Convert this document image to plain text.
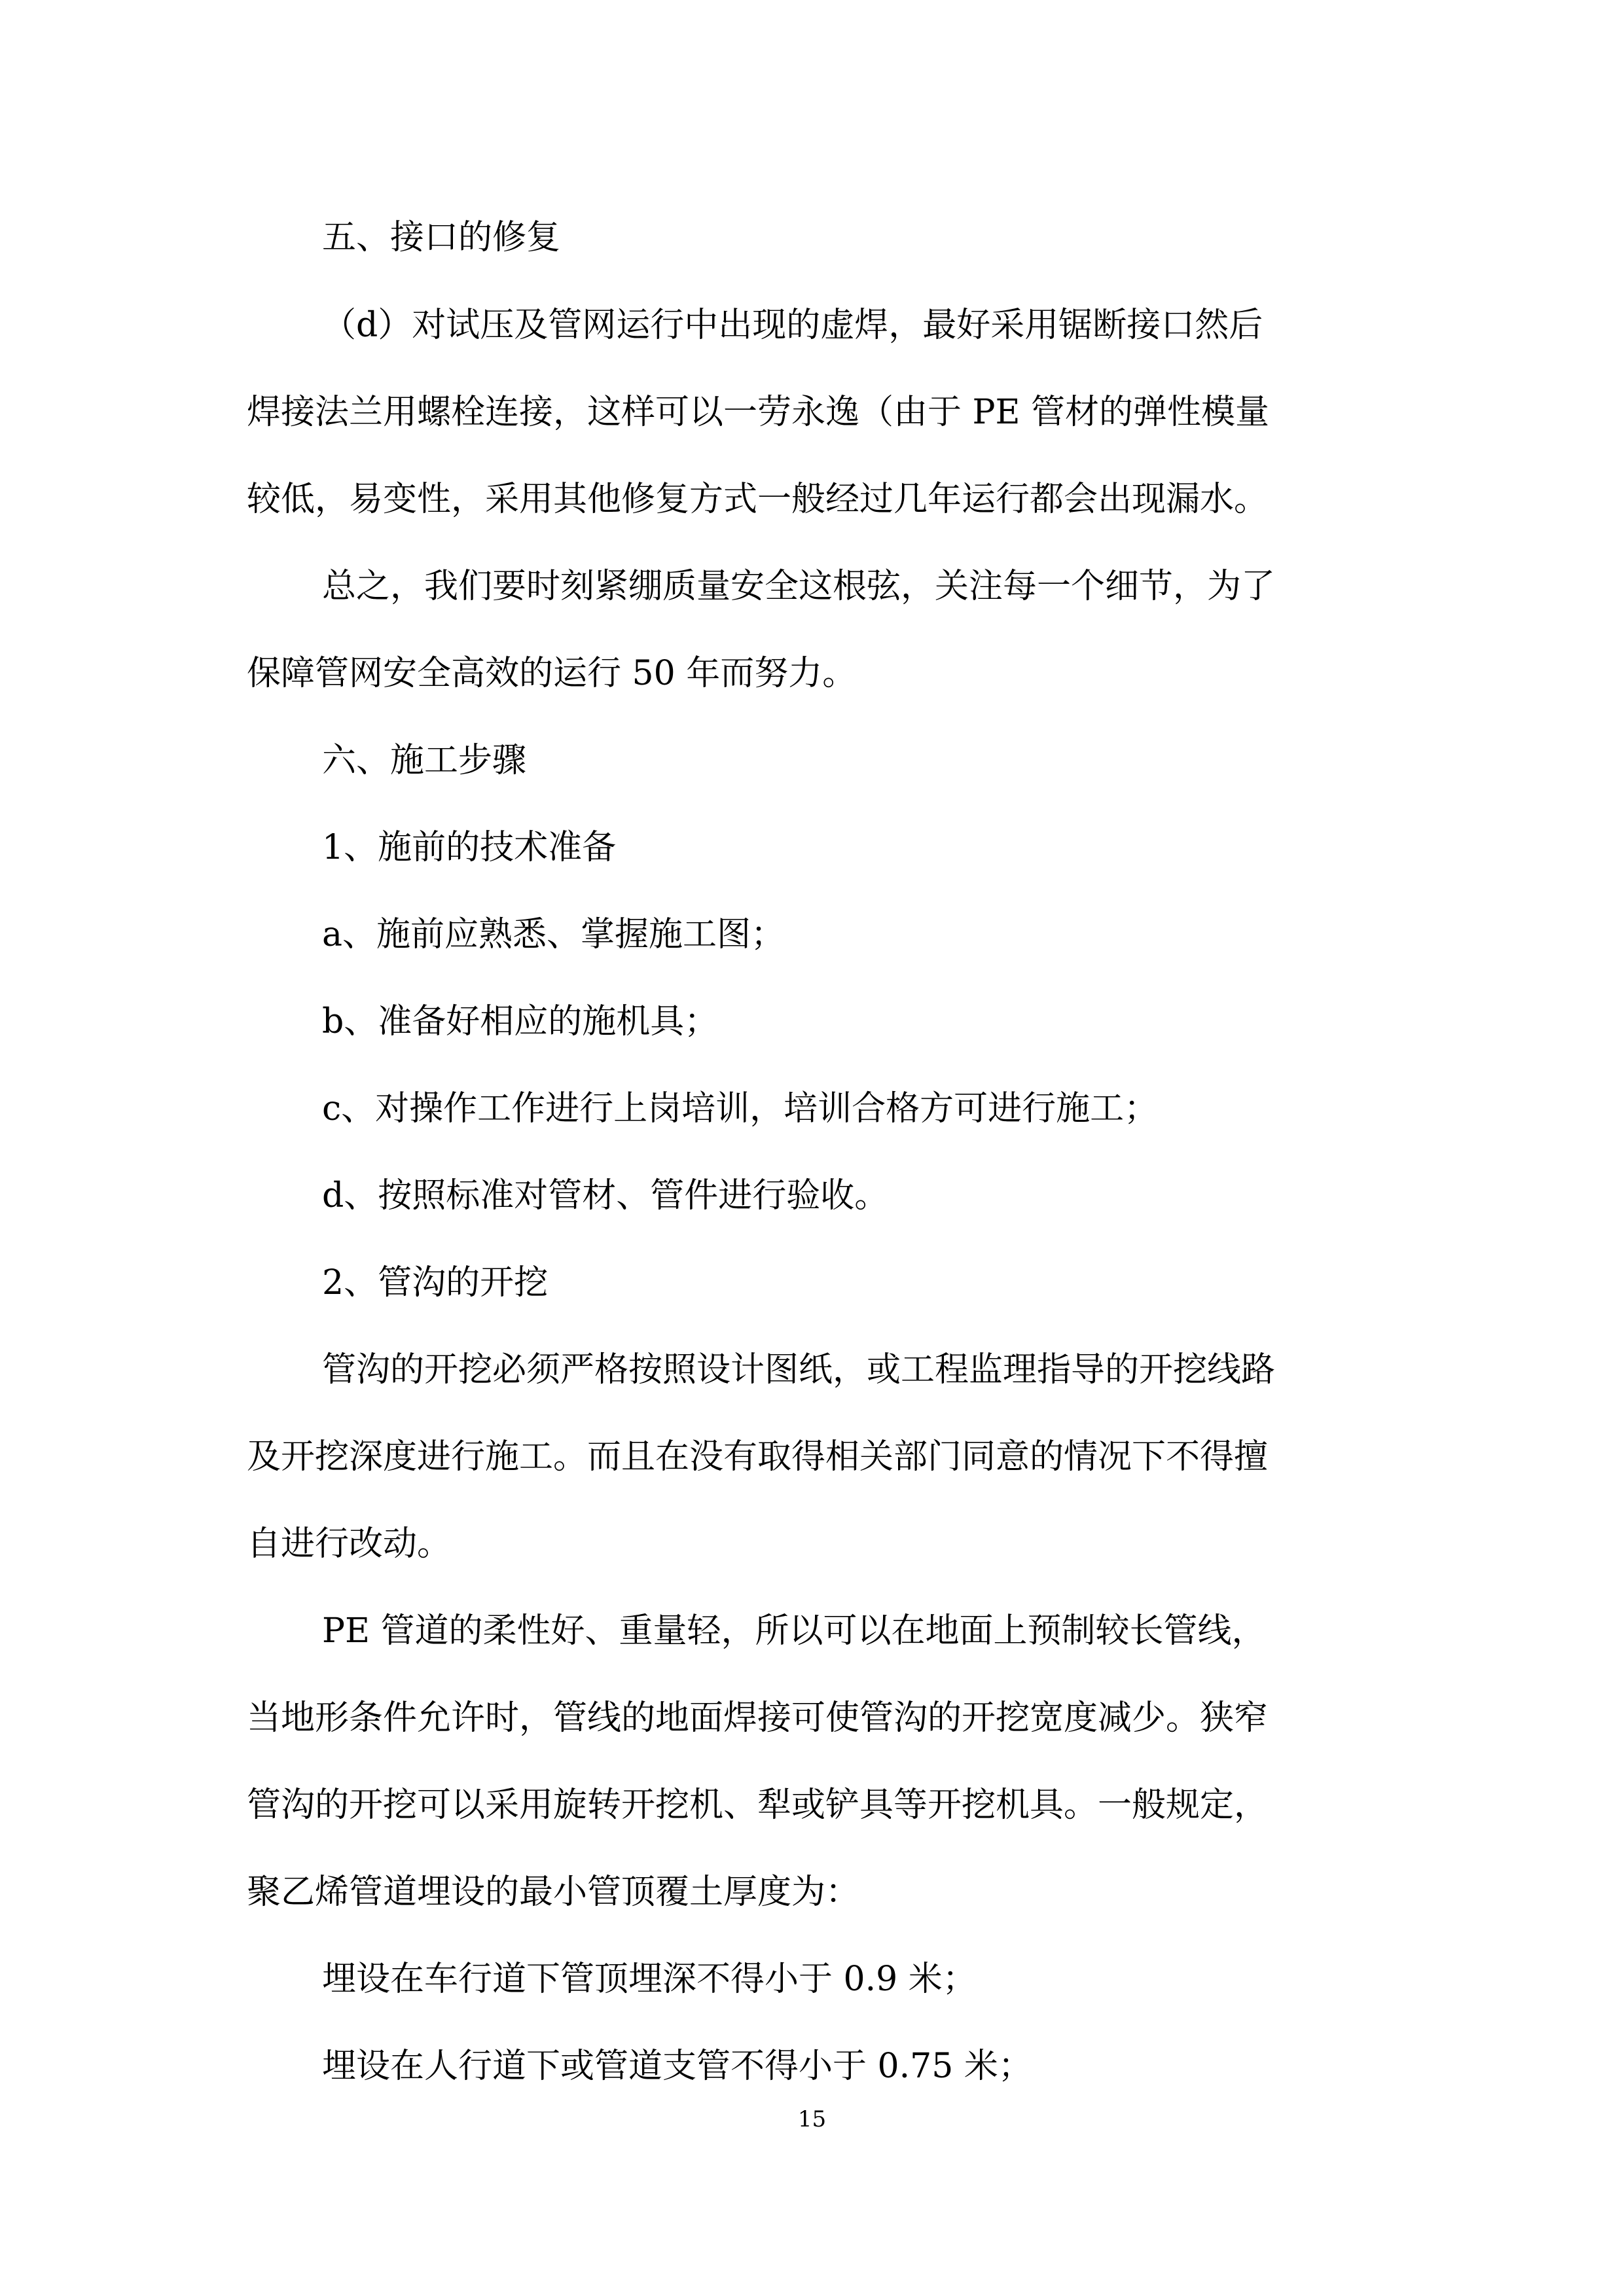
五、接口的修复

（d）对试压及管网运行中出现的虚焊，最好采用锯断接口然后

焊接法兰用螺栓连接，这样可以一劳永逸（由于 PE 管材的弹性模量

较低，易变性，采用其他修复方式一般经过几年运行都会出现漏水。

总之，我们要时刻紧绷质量安全这根弦，关注每一个细节，为了

保障管网安全高效的运行 50 年而努力。

六、施工步骤

1、施前的技术准备

a、施前应熟悉、掌握施工图；

b、准备好相应的施机具；

c、对操作工作进行上岗培训，培训合格方可进行施工；

d、按照标准对管材、管件进行验收。

2、管沟的开挖

管沟的开挖必须严格按照设计图纸，或工程监理指导的开挖线路

及开挖深度进行施工。而且在没有取得相关部门同意的情况下不得擅

自进行改动。

PE 管道的柔性好、重量轻，所以可以在地面上预制较长管线，

当地形条件允许时，管线的地面焊接可使管沟的开挖宽度减少。狭窄

管沟的开挖可以采用旋转开挖机、犁或铲具等开挖机具。一般规定，

聚乙烯管道埋设的最小管顶覆土厚度为：

埋设在车行道下管顶埋深不得小于 0.9 米；

埋设在人行道下或管道支管不得小于 0.75 米；

15
